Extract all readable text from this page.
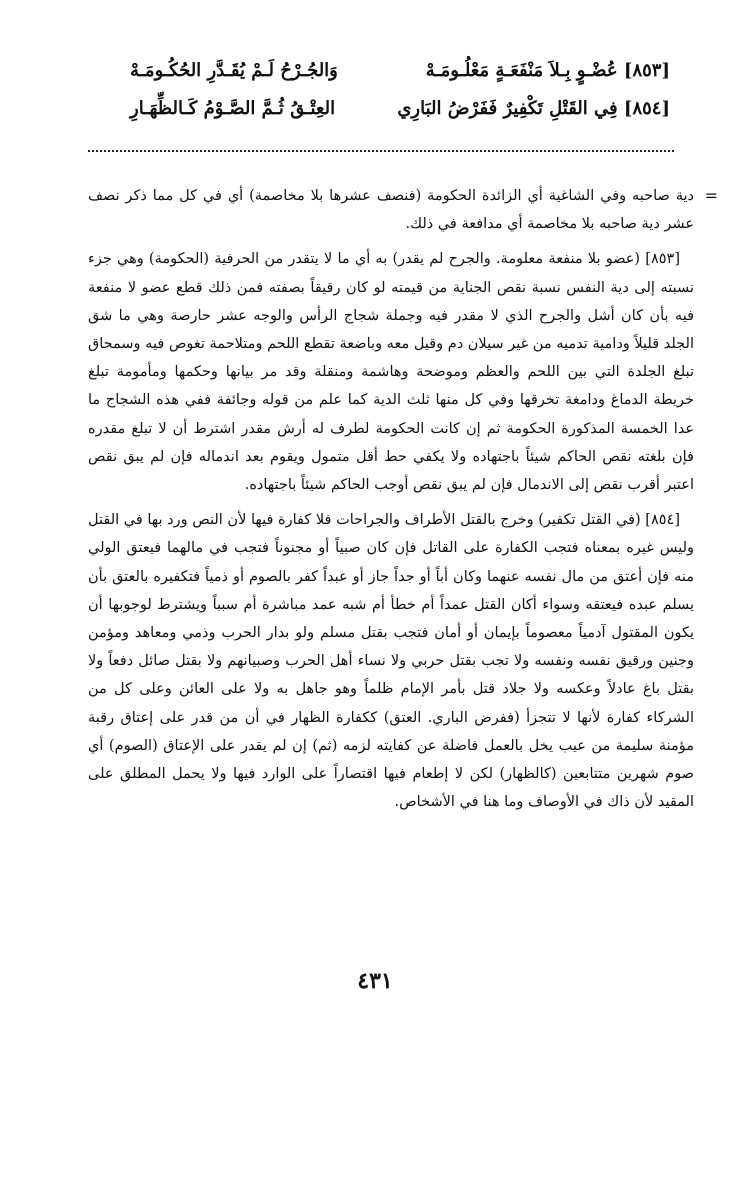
[٨٥٣] عُضْـوٍ بِـلاَ مَنْفَعَـةٍ مَعْلُـومَـهْ
وَالجُـرْحُ لَـمْ يُقَـدَّرِ الحُكُـومَـهْ
[٨٥٤] فِي القَتْلِ تَكْفِيرٌ فَفَرْضُ البَارِي
العِتْـقُ ثُـمَّ الصَّـوْمُ كَـالظِّهَـارِ

=
دية صاحبه وفي الشاغية أي الزائدة الحكومة (فنصف عشرها بلا مخاصمة) أي في كل مما ذكر نصف عشر دية صاحبه بلا مخاصمة أي مدافعة في ذلك.

[٨٥٣] (عضو بلا منفعة معلومة. والجرح لم يقدر) به أي ما لا يتقدر من الحرفية (الحكومة) وهي جزء نسبته إلى دية النفس نسبة نقص الجناية من قيمته لو كان رقيقاً بصفته فمن ذلك قطع عضو لا منفعة فيه بأن كان أشل والجرح الذي لا مقدر فيه وجملة شجاج الرأس والوجه عشر حارصة وهي ما شق الجلد قليلاً ودامية تدميه من غير سيلان دم وقيل معه وباضعة تقطع اللحم ومتلاحمة تغوص فيه وسمحاق تبلغ الجلدة التي بين اللحم والعظم وموضحة وهاشمة ومنقلة وقد مر بيانها وحكمها ومأمومة تبلغ خريطة الدماغ ودامغة تخرقها وفي كل منها ثلث الدية كما علم من قوله وجائفة ففي هذه الشجاج ما عدا الخمسة المذكورة الحكومة ثم إن كانت الحكومة لطرف له أرش مقدر اشترط أن لا تبلغ مقدره فإن بلغته نقص الحاكم شيئاً باجتهاده ولا يكفي حط أقل متمول ويقوم بعد اندماله فإن لم يبق نقص اعتبر أقرب نقص إلى الاندمال فإن لم يبق نقص أوجب الحاكم شيئاً باجتهاده.

[٨٥٤] (في القتل تكفير) وخرج بالقتل الأطراف والجراحات فلا كفارة فيها لأن النص ورد بها في القتل وليس غيره بمعناه فتجب الكفارة على القاتل فإن كان صبياً أو مجنوناً فتجب في مالهما فيعتق الولي منه فإن أعتق من مال نفسه عنهما وكان أباً أو جداً جاز أو عبداً كفر بالصوم أو ذمياً فتكفيره بالعتق بأن يسلم عبده فيعتقه وسواء أكان القتل عمداً أم خطأ أم شبه عمد مباشرة أم سبباً ويشترط لوجوبها أن يكون المقتول آدمياً معصوماً بإيمان أو أمان فتجب بقتل مسلم ولو بدار الحرب وذمي ومعاهد ومؤمن وجنين ورقيق نفسه ونفسه ولا تجب بقتل حربي ولا نساء أهل الحرب وصبيانهم ولا بقتل صائل دفعاً ولا بقتل باغ عادلاً وعكسه ولا جلاد قتل بأمر الإمام ظلماً وهو جاهل به ولا على العائن وعلى كل من الشركاء كفارة لأنها لا تتجزأ (ففرض الباري. العتق) ككفارة الظهار في أن من قدر على إعتاق رقبة مؤمنة سليمة من عيب يخل بالعمل فاضلة عن كفايته لزمه (ثم) إن لم يقدر على الإعتاق (الصوم) أي صوم شهرين متتابعين (كالظهار) لكن لا إطعام فيها اقتصاراً على الوارد فيها ولا يحمل المطلق على المقيد لأن ذاك في الأوصاف وما هنا في الأشخاص.

٤٣١
